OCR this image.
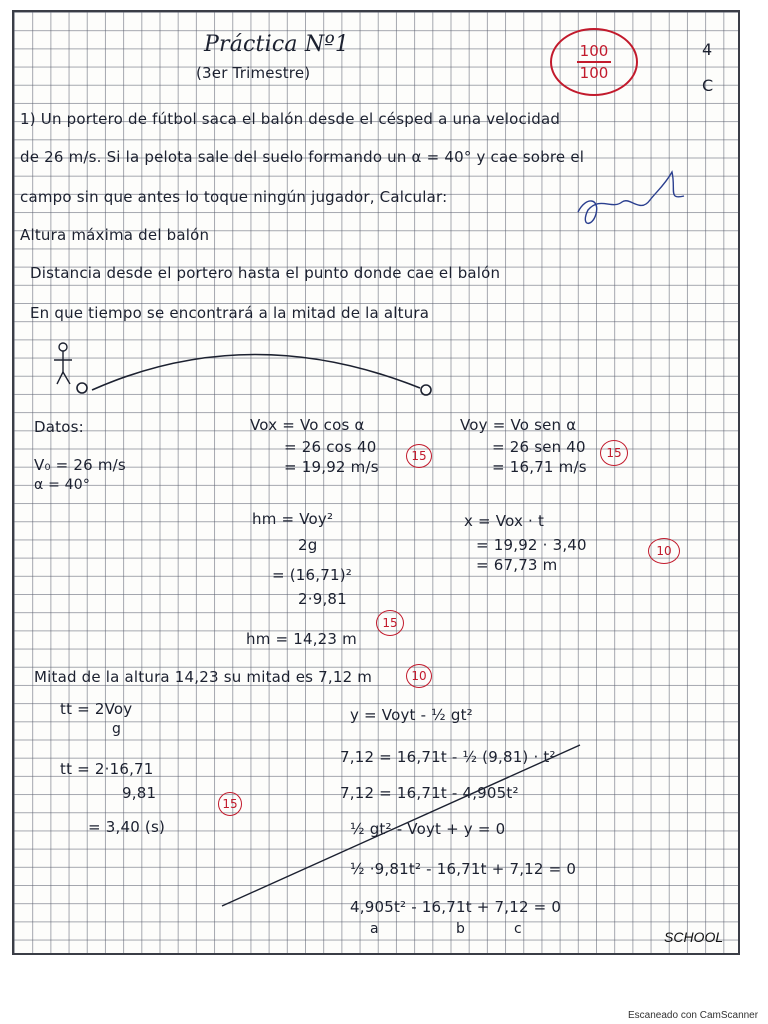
Práctica Nº1
(3er Trimestre)
100
100
4
C
1) Un portero de fútbol saca el balón desde el césped a una velocidad
de 26 m/s. Si la pelota sale del suelo formando un α = 40° y cae sobre el
campo sin que antes lo toque ningún jugador, Calcular:
Altura máxima del balón
Distancia desde el portero hasta el punto donde cae el balón
En que tiempo se encontrará a la mitad de la altura
Datos:
V₀ = 26 m/s
α = 40°
Vox = Vo cos α
= 26 cos 40
= 19,92 m/s
15
Voy = Vo sen α
= 26 sen 40
= 16,71 m/s
15
hm = Voy²
2g
= (16,71)²
2·9,81
hm = 14,23 m
15
x = Vox · t
= 19,92 · 3,40
= 67,73 m
10
Mitad de la altura 14,23 su mitad es 7,12 m	10
tt = 2Voy
g
tt = 2·16,71
9,81
= 3,40 (s)
15
y = Voyt - ½ gt²
7,12 = 16,71t - ½ (9,81) · t²
7,12 = 16,71t - 4,905t²
½ gt² - Voyt + y = 0
½ ·9,81t² - 16,71t + 7,12 = 0
4,905t² - 16,71t + 7,12 = 0
a	b	c	SCHOOL
Escaneado con CamScanner
